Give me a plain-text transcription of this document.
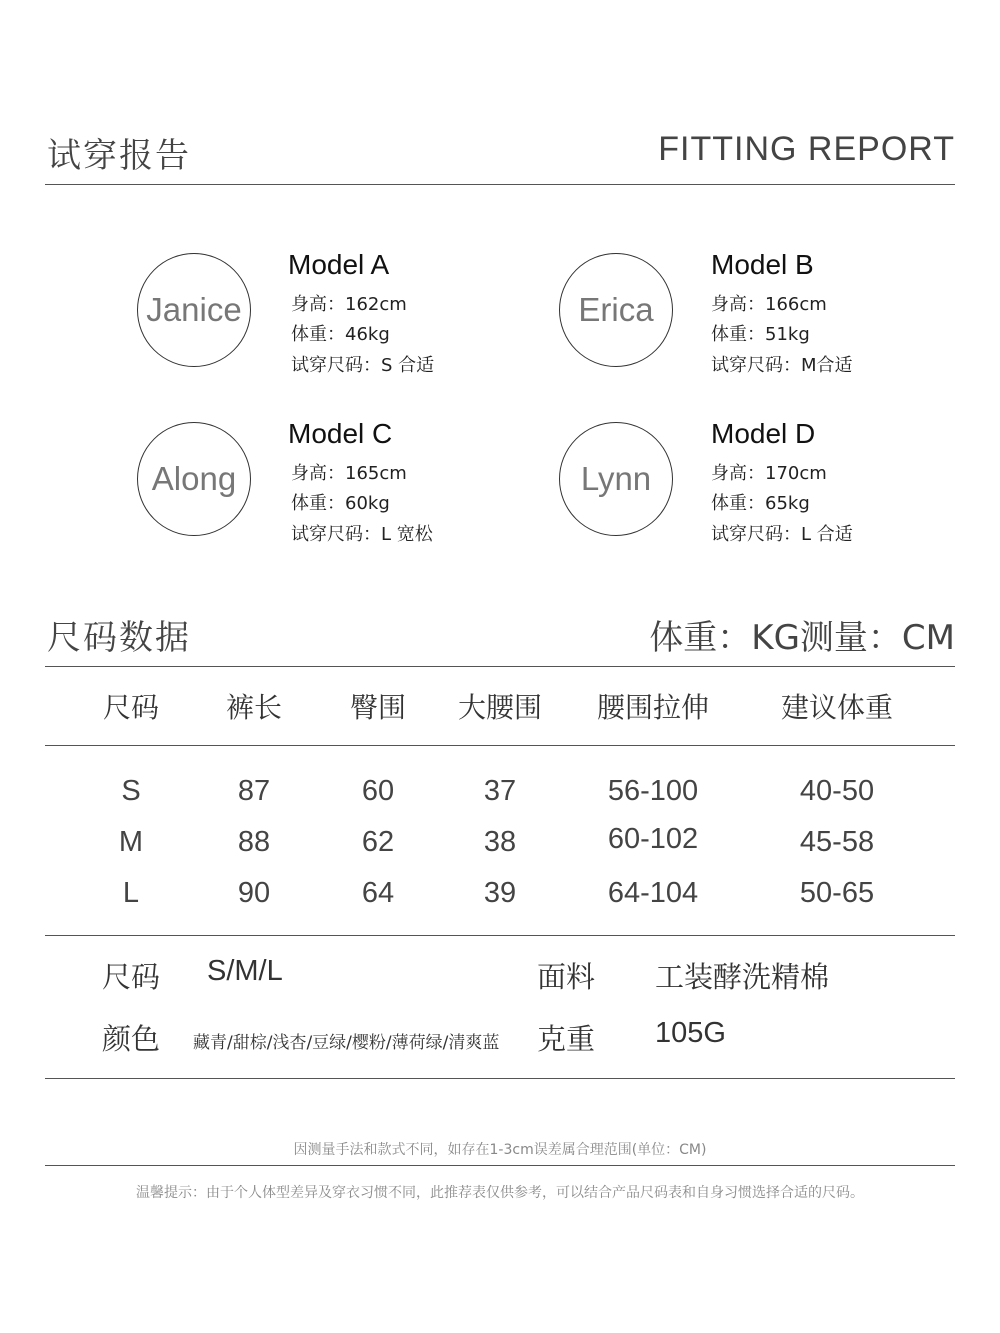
试穿报告	FITTING REPORT
Janice
Model A
身高：162cm
体重：46kg
试穿尺码：S 合适
Erica
Model B
身高：166cm
体重：51kg
试穿尺码：M合适
Along
Model C
身高：165cm
体重：60kg
试穿尺码：L 宽松
Lynn
Model D
身高：170cm
体重：65kg
试穿尺码：L 合适
尺码数据	体重：KG测量：CM
尺码	裤长	臀围	大腰围	腰围拉伸	建议体重
S	87	60	37	56-100	40-50
M	88	62	38	60-102	45-58
L	90	64	39	64-104	50-65
尺码 S/M/L	面料 工装酵洗精棉
颜色 藏青/甜棕/浅杏/豆绿/樱粉/薄荷绿/清爽蓝 克重 105G
因测量手法和款式不同，如存在1-3cm误差属合理范围(单位：CM)
温馨提示：由于个人体型差异及穿衣习惯不同，此推荐表仅供参考，可以结合产品尺码表和自身习惯选择合适的尺码。
